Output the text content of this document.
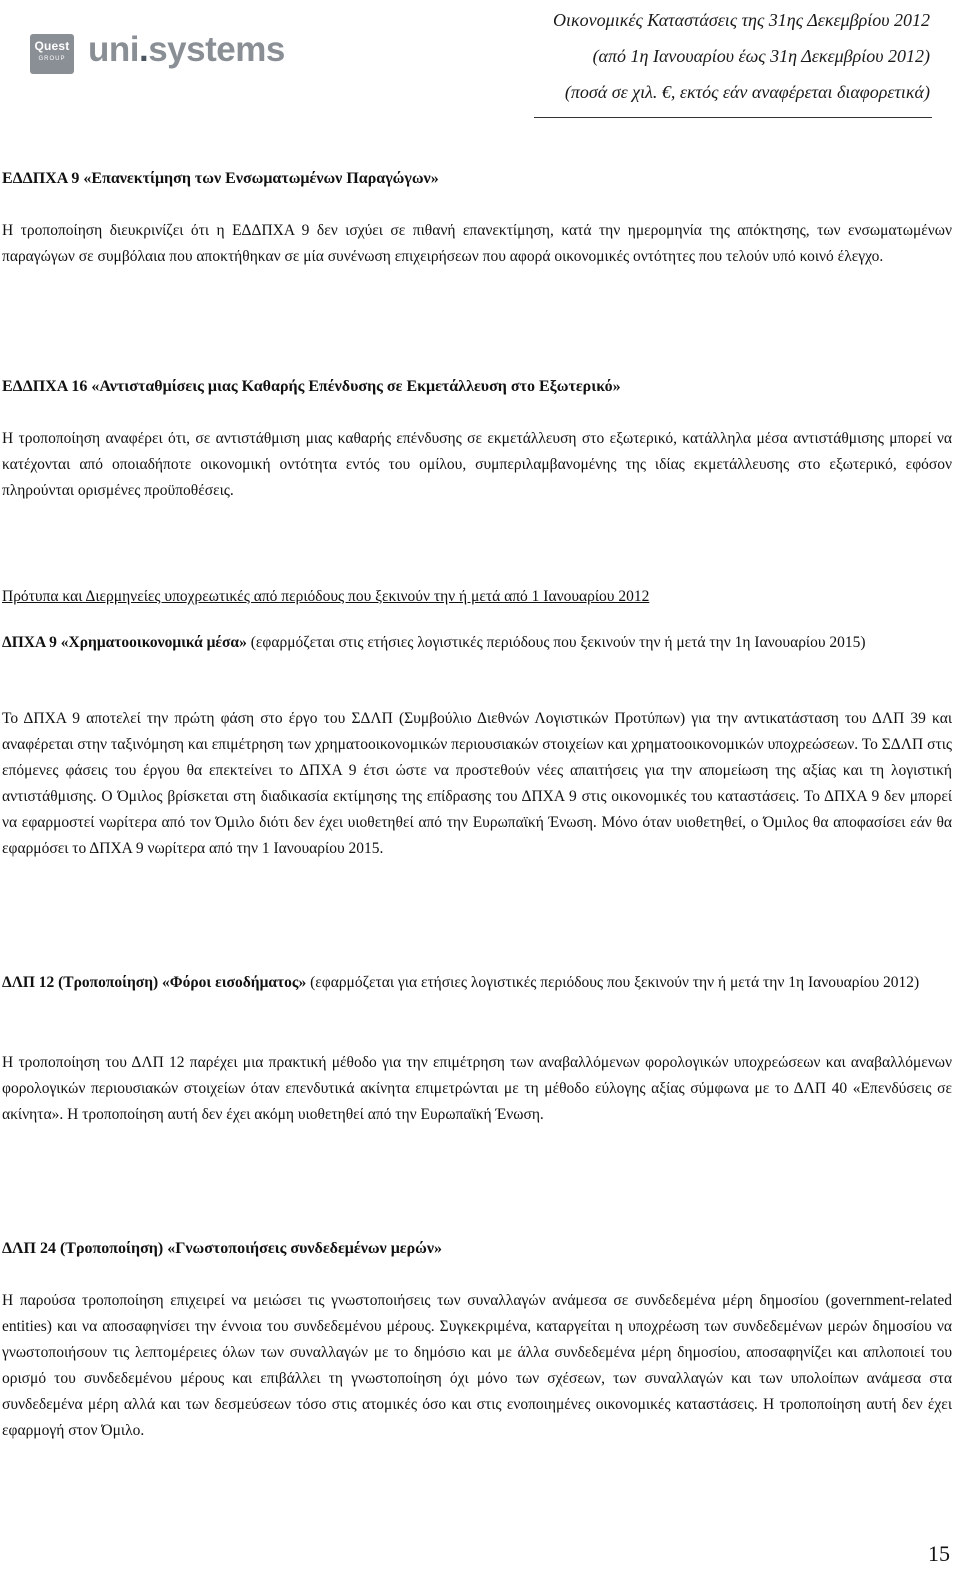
Quest
GROUP uni.systems
Οικονομικές Καταστάσεις της 31ης Δεκεμβρίου 2012
(από 1η Ιανουαρίου έως 31η Δεκεμβρίου 2012)
(ποσά σε χιλ. €, εκτός εάν αναφέρεται διαφορετικά)
ΕΔΔΠΧΑ 9 «Επανεκτίμηση των Ενσωματωμένων Παραγώγων»
Η τροποποίηση διευκρινίζει ότι η ΕΔΔΠΧΑ 9 δεν ισχύει σε πιθανή επανεκτίμηση, κατά την ημερομηνία της απόκτησης, των ενσωματωμένων παραγώγων σε συμβόλαια που αποκτήθηκαν σε μία συνένωση επιχειρήσεων που αφορά οικονομικές οντότητες που τελούν υπό κοινό έλεγχο.
ΕΔΔΠΧΑ 16 «Αντισταθμίσεις μιας Καθαρής Επένδυσης σε Εκμετάλλευση στο Εξωτερικό»
Η τροποποίηση αναφέρει ότι, σε αντιστάθμιση μιας καθαρής επένδυσης σε εκμετάλλευση στο εξωτερικό, κατάλληλα μέσα αντιστάθμισης μπορεί να κατέχονται από οποιαδήποτε οικονομική οντότητα εντός του ομίλου, συμπεριλαμβανομένης της ιδίας εκμετάλλευσης στο εξωτερικό, εφόσον πληρούνται ορισμένες προϋποθέσεις.
Πρότυπα και Διερμηνείες υποχρεωτικές από περιόδους που ξεκινούν την ή μετά από 1 Ιανουαρίου 2012
ΔΠΧΑ 9 «Χρηματοοικονομικά μέσα» (εφαρμόζεται στις ετήσιες λογιστικές περιόδους που ξεκινούν την ή μετά την 1η Ιανουαρίου 2015)
Το ΔΠΧΑ 9 αποτελεί την πρώτη φάση στο έργο του ΣΔΛΠ (Συμβούλιο Διεθνών Λογιστικών Προτύπων) για την αντικατάσταση του ΔΛΠ 39 και αναφέρεται στην ταξινόμηση και επιμέτρηση των χρηματοοικονομικών περιουσιακών στοιχείων και χρηματοοικονομικών υποχρεώσεων. Το ΣΔΛΠ στις επόμενες φάσεις του έργου θα επεκτείνει το ΔΠΧΑ 9 έτσι ώστε να προστεθούν νέες απαιτήσεις για την απομείωση της αξίας και τη λογιστική αντιστάθμισης. Ο Όμιλος βρίσκεται στη διαδικασία εκτίμησης της επίδρασης του ΔΠΧΑ 9 στις οικονομικές του καταστάσεις. Το ΔΠΧΑ 9 δεν μπορεί να εφαρμοστεί νωρίτερα από τον Όμιλο διότι δεν έχει υιοθετηθεί από την Ευρωπαϊκή Ένωση. Μόνο όταν υιοθετηθεί, ο Όμιλος θα αποφασίσει εάν θα εφαρμόσει το ΔΠΧΑ 9 νωρίτερα από την 1 Ιανουαρίου 2015.
ΔΛΠ 12 (Τροποποίηση) «Φόροι εισοδήματος» (εφαρμόζεται για ετήσιες λογιστικές περιόδους που ξεκινούν την ή μετά την 1η Ιανουαρίου 2012)
Η τροποποίηση του ΔΛΠ 12 παρέχει μια πρακτική μέθοδο για την επιμέτρηση των αναβαλλόμενων φορολογικών υποχρεώσεων και αναβαλλόμενων φορολογικών περιουσιακών στοιχείων όταν επενδυτικά ακίνητα επιμετρώνται με τη μέθοδο εύλογης αξίας σύμφωνα με το ΔΛΠ 40 «Επενδύσεις σε ακίνητα». Η τροποποίηση αυτή δεν έχει ακόμη υιοθετηθεί από την Ευρωπαϊκή Ένωση.
ΔΛΠ 24 (Τροποποίηση) «Γνωστοποιήσεις συνδεδεμένων μερών»
Η παρούσα τροποποίηση επιχειρεί να μειώσει τις γνωστοποιήσεις των συναλλαγών ανάμεσα σε συνδεδεμένα μέρη δημοσίου (government-related entities) και να αποσαφηνίσει την έννοια του συνδεδεμένου μέρους. Συγκεκριμένα, καταργείται η υποχρέωση των συνδεδεμένων μερών δημοσίου να γνωστοποιήσουν τις λεπτομέρειες όλων των συναλλαγών με το δημόσιο και με άλλα συνδεδεμένα μέρη δημοσίου, αποσαφηνίζει και απλοποιεί του ορισμό του συνδεδεμένου μέρους και επιβάλλει τη γνωστοποίηση όχι μόνο των σχέσεων, των συναλλαγών και των υπολοίπων ανάμεσα στα συνδεδεμένα μέρη αλλά και των δεσμεύσεων τόσο στις ατομικές όσο και στις ενοποιημένες οικονομικές καταστάσεις. Η τροποποίηση αυτή δεν έχει εφαρμογή στον Όμιλο.
15
